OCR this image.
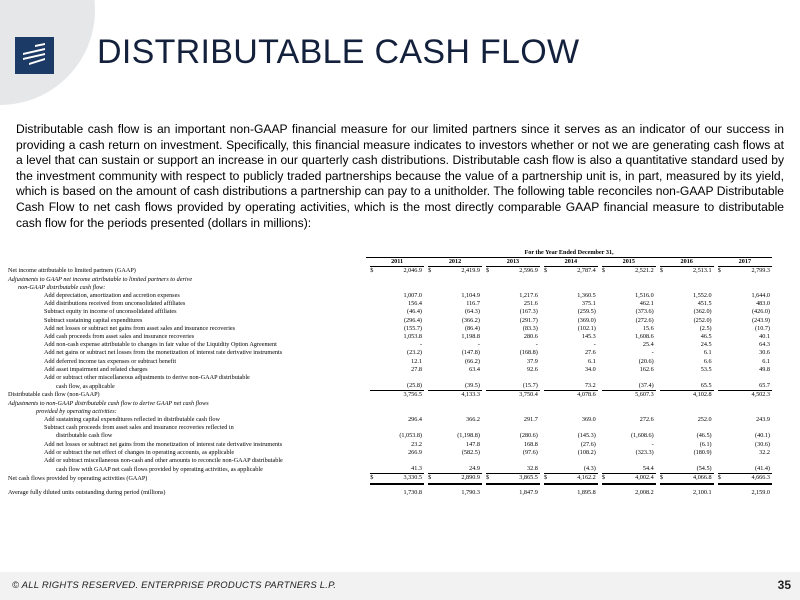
DISTRIBUTABLE CASH FLOW
Distributable cash flow is an important non-GAAP financial measure for our limited partners since it serves as an indicator of our success in providing a cash return on investment. Specifically, this financial measure indicates to investors whether or not we are generating cash flows at a level that can sustain or support an increase in our quarterly cash distributions. Distributable cash flow is also a quantitative standard used by the investment community with respect to publicly traded partnerships because the value of a partnership unit is, in part, measured by its yield, which is based on the amount of cash distributions a partnership can pay to a unitholder. The following table reconciles non-GAAP Distributable Cash Flow to net cash flows provided by operating activities, which is the most directly comparable GAAP financial measure to distributable cash flow for the periods presented (dollars in millions):
	For the Year Ended December 31,																				
		2011			2012			2013			2014			2015			2016			2017	
Net income attributable to limited partners (GAAP)		$	2,046.9		$	2,419.9		$	2,596.9		$	2,787.4		$	2,521.2		$	2,513.1		$	2,799.3
Adjustments to GAAP net income attributable to limited partners to derive																					
non-GAAP distributable cash flow:																					
Add depreciation, amortization and accretion expenses			1,007.0			1,104.9			1,217.6			1,360.5			1,516.0			1,552.0			1,644.0
Add distributions received from unconsolidated affiliates			156.4			116.7			251.6			375.1			462.1			451.5			483.0
Subtract equity in income of unconsolidated affiliates			(46.4)			(64.3)			(167.3)			(259.5)			(373.6)			(362.0)			(426.0)
Subtract sustaining capital expenditures			(296.4)			(366.2)			(291.7)			(369.0)			(272.6)			(252.0)			(243.9)
Add net losses or subtract net gains from asset sales and insurance recoveries			(155.7)			(86.4)			(83.3)			(102.1)			15.6			(2.5)			(10.7)
Add cash proceeds from asset sales and insurance recoveries			1,053.8			1,198.8			280.6			145.3			1,608.6			46.5			40.1
Add non-cash expense attributable to changes in fair value of the Liquidity Option Agreement			-			-			-			-			25.4			24.5			64.3
Add net gains or subtract net losses from the monetization of interest rate derivative instruments			(23.2)			(147.8)			(168.8)			27.6			-			6.1			30.6
Add deferred income tax expenses or subtract benefit			12.1			(66.2)			37.9			6.1			(20.6)			6.6			6.1
Add asset impairment and related charges			27.8			63.4			92.6			34.0			162.6			53.5			49.8
Add or subtract other miscellaneous adjustments to derive non-GAAP distributable																					
cash flow, as applicable			(25.8)			(39.5)			(15.7)			73.2			(37.4)			65.5			65.7
Distributable cash flow (non-GAAP)			3,756.5			4,133.3			3,750.4			4,078.6			5,607.3			4,102.8			4,502.3
Adjustments to non-GAAP distributable cash flow to derive GAAP net cash flows																					
provided by operating activities:																					
Add sustaining capital expenditures reflected in distributable cash flow			296.4			366.2			291.7			369.0			272.6			252.0			243.9
Subtract cash proceeds from asset sales and insurance recoveries reflected in																					
distributable cash flow			(1,053.8)			(1,198.8)			(280.6)			(145.3)			(1,608.6)			(46.5)			(40.1)
Add net losses or subtract net gains from the monetization of interest rate derivative instruments			23.2			147.8			168.8			(27.6)			-			(6.1)			(30.6)
Add or subtract the net effect of changes in operating accounts, as applicable			266.9			(582.5)			(97.6)			(108.2)			(323.3)			(180.9)			32.2
Add or subtract miscellaneous non-cash and other amounts to reconcile non-GAAP distributable																					
cash flow with GAAP net cash flows provided by operating activities, as applicable			41.3			24.9			32.8			(4.3)			54.4			(54.5)			(41.4)
Net cash flows provided by operating activities (GAAP)		$	3,330.5		$	2,890.9		$	3,865.5		$	4,162.2		$	4,002.4		$	4,066.8		$	4,666.3

Average fully diluted units outstanding during period (millions)			1,730.8			1,790.3			1,847.9			1,895.8			2,008.2			2,100.1			2,159.0
© ALL RIGHTS RESERVED. ENTERPRISE PRODUCTS PARTNERS L.P.	35
